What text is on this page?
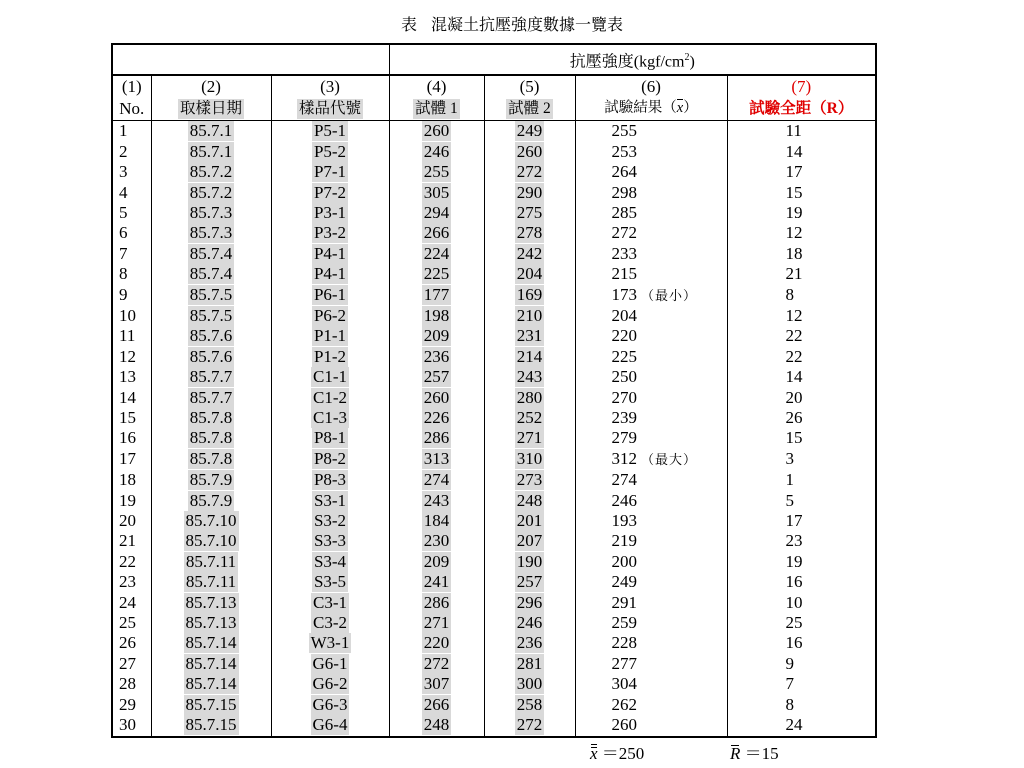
表 混凝土抗壓強度數據一覽表
			抗壓強度$(kgf/cm^2)$			
(1)	(2)	(3)	(4)	(5)	(6)	(7)
No.	取樣日期	樣品代號	試體 1	試體 2	試驗結果（x）	試驗全距（R）
1	85.7.1	P5-1	260	249	255	11
2	85.7.1	P5-2	246	260	253	14
3	85.7.2	P7-1	255	272	264	17
4	85.7.2	P7-2	305	290	298	15
5	85.7.3	P3-1	294	275	285	19
6	85.7.3	P3-2	266	278	272	12
7	85.7.4	P4-1	224	242	233	18
8	85.7.4	P4-1	225	204	215	21
9	85.7.5	P6-1	177	169	173 （最小）	8
10	85.7.5	P6-2	198	210	204	12
11	85.7.6	P1-1	209	231	220	22
12	85.7.6	P1-2	236	214	225	22
13	85.7.7	C1-1	257	243	250	14
14	85.7.7	C1-2	260	280	270	20
15	85.7.8	C1-3	226	252	239	26
16	85.7.8	P8-1	286	271	279	15
17	85.7.8	P8-2	313	310	312 （最大）	3
18	85.7.9	P8-3	274	273	274	1
19	85.7.9	S3-1	243	248	246	5
20	85.7.10	S3-2	184	201	193	17
21	85.7.10	S3-3	230	207	219	23
22	85.7.11	S3-4	209	190	200	19
23	85.7.11	S3-5	241	257	249	16
24	85.7.13	C3-1	286	296	291	10
25	85.7.13	C3-2	271	246	259	25
26	85.7.14	W3-1	220	236	228	16
27	85.7.14	G6-1	272	281	277	9
28	85.7.14	G6-2	307	300	304	7
29	85.7.15	G6-3	266	258	262	8
30	85.7.15	G6-4	248	272	260	24
x ＝250	R ＝15
